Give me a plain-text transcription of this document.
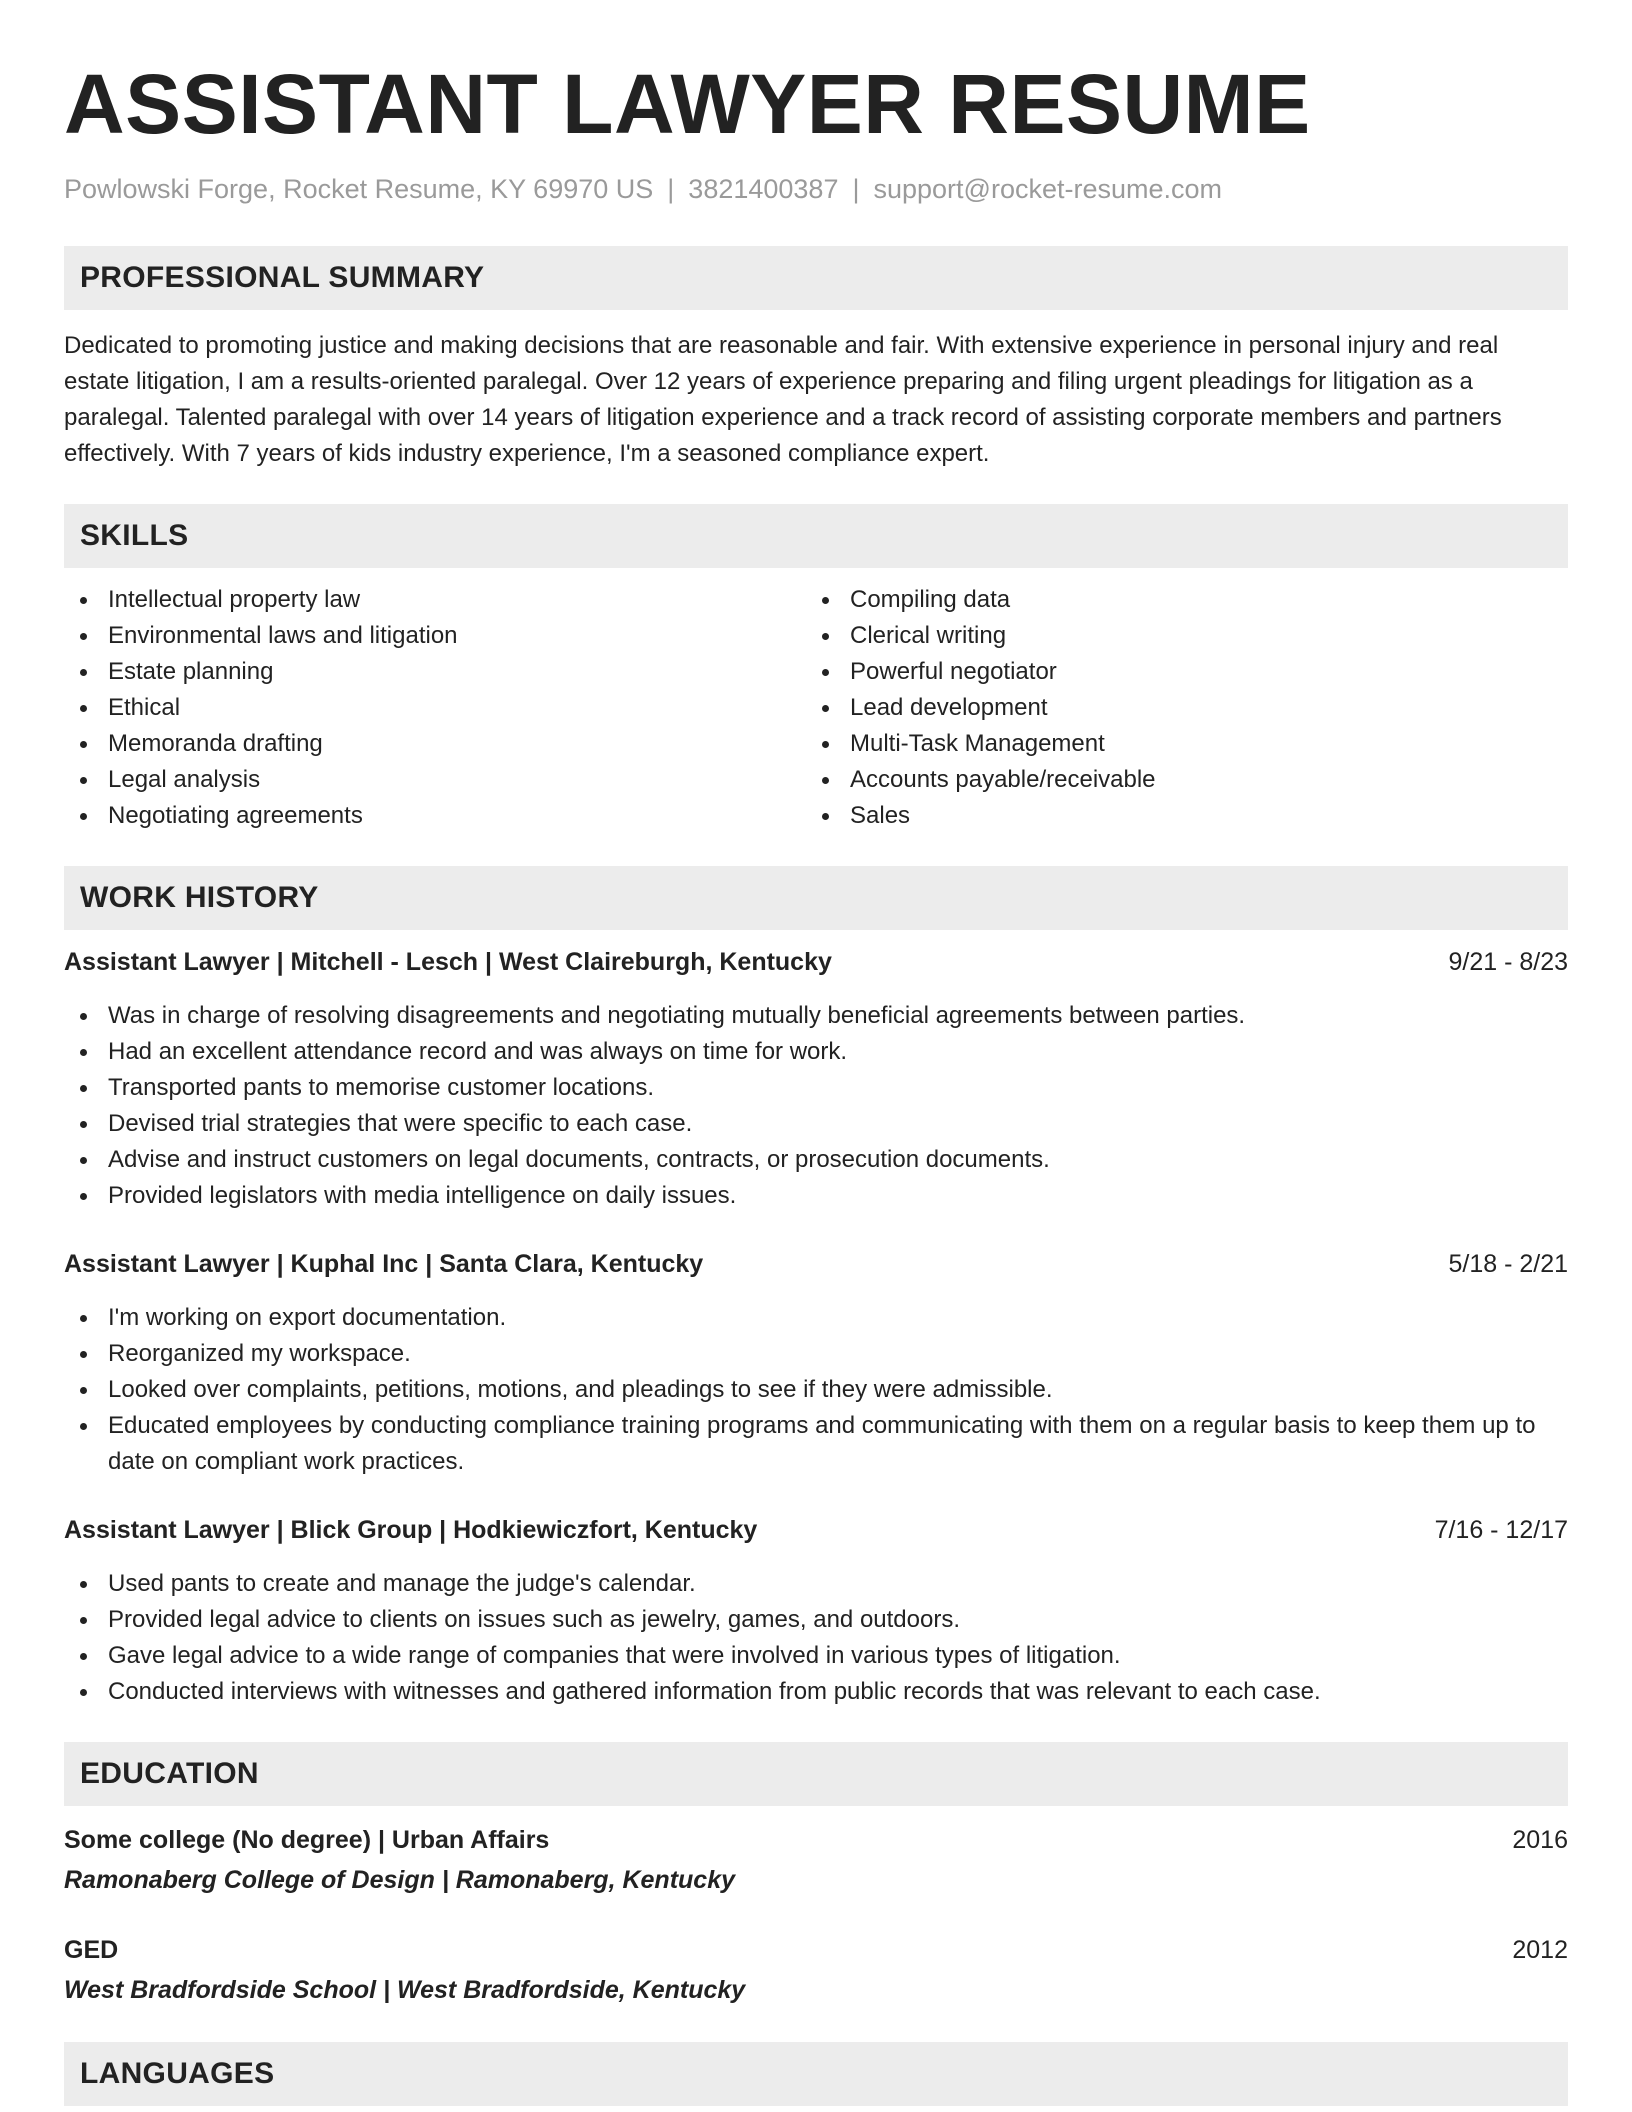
ASSISTANT LAWYER RESUME
Powlowski Forge, Rocket Resume, KY 69970 US | 3821400387 | support@rocket-resume.com
PROFESSIONAL SUMMARY

Dedicated to promoting justice and making decisions that are reasonable and fair. With extensive experience in personal injury and real estate litigation, I am a results-oriented paralegal. Over 12 years of experience preparing and filing urgent pleadings for litigation as a paralegal. Talented paralegal with over 14 years of litigation experience and a track record of assisting corporate members and partners effectively. With 7 years of kids industry experience, I'm a seasoned compliance expert.

SKILLS
Intellectual property law
Environmental laws and litigation
Estate planning
Ethical
Memoranda drafting
Legal analysis
Negotiating agreements
Compiling data
Clerical writing
Powerful negotiator
Lead development
Multi-Task Management
Accounts payable/receivable
Sales
WORK HISTORY
Assistant Lawyer | Mitchell - Lesch | West Claireburgh, Kentucky	9/21 - 8/23
Was in charge of resolving disagreements and negotiating mutually beneficial agreements between parties.
Had an excellent attendance record and was always on time for work.
Transported pants to memorise customer locations.
Devised trial strategies that were specific to each case.
Advise and instruct customers on legal documents, contracts, or prosecution documents.
Provided legislators with media intelligence on daily issues.
Assistant Lawyer | Kuphal Inc | Santa Clara, Kentucky	5/18 - 2/21
I'm working on export documentation.
Reorganized my workspace.
Looked over complaints, petitions, motions, and pleadings to see if they were admissible.
Educated employees by conducting compliance training programs and communicating with them on a regular basis to keep them up to date on compliant work practices.
Assistant Lawyer | Blick Group | Hodkiewiczfort, Kentucky	7/16 - 12/17
Used pants to create and manage the judge's calendar.
Provided legal advice to clients on issues such as jewelry, games, and outdoors.
Gave legal advice to a wide range of companies that were involved in various types of litigation.
Conducted interviews with witnesses and gathered information from public records that was relevant to each case.
EDUCATION
Some college (No degree) | Urban Affairs	2016
Ramonaberg College of Design | Ramonaberg, Kentucky
GED	2012
West Bradfordside School | West Bradfordside, Kentucky
LANGUAGES
